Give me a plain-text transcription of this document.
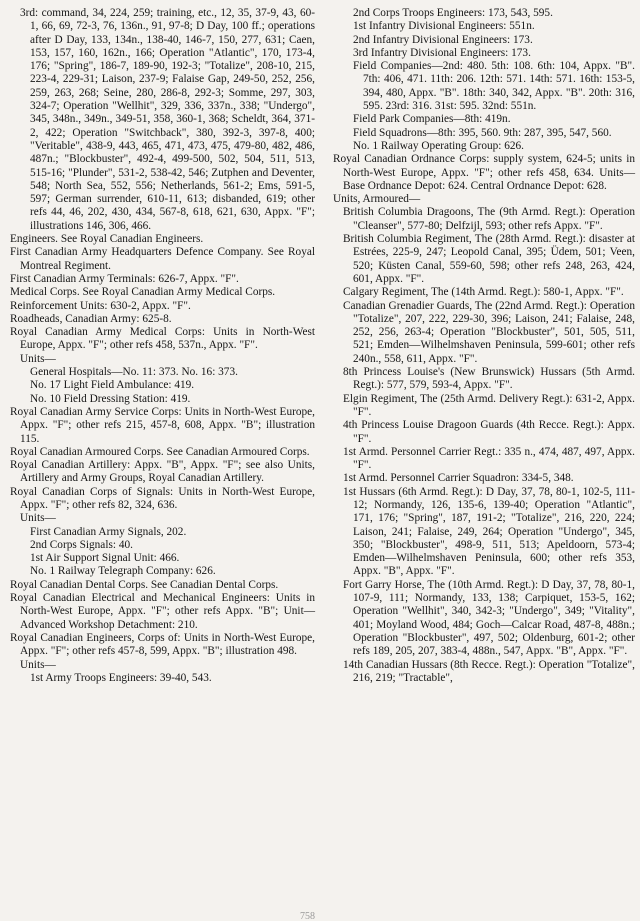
3rd: command, 34, 224, 259; training, etc., 12, 35, 37-9, 43, 60-1, 66, 69, 72-3, 76, 136n., 91, 97-8; D Day, 100 ff.; operations after D Day, 133, 134n., 138-40, 146-7, 150, 277, 631; Caen, 153, 157, 160, 162n., 166; Operation "Atlantic", 170, 173-4, 176; "Spring", 186-7, 189-90, 192-3; "Totalize", 208-10, 215, 223-4, 229-31; Laison, 237-9; Falaise Gap, 249-50, 252, 256, 259, 263, 268; Seine, 280, 286-8, 292-3; Somme, 297, 303, 324-7; Operation "Wellhit", 329, 336, 337n., 338; "Undergo", 345, 348n., 349n., 349-51, 358, 360-1, 368; Scheldt, 364, 371-2, 422; Operation "Switchback", 380, 392-3, 397-8, 400; "Veritable", 438-9, 443, 465, 471, 473, 475, 479-80, 482, 486, 487n.; "Blockbuster", 492-4, 499-500, 502, 504, 511, 513, 515-16; "Plunder", 531-2, 538-42, 546; Zutphen and Deventer, 548; North Sea, 552, 556; Netherlands, 561-2; Ems, 591-5, 597; German surrender, 610-11, 613; disbanded, 619; other refs 44, 46, 202, 430, 434, 567-8, 618, 621, 630, Appx. "F"; illustrations 146, 306, 466.

Engineers. See Royal Canadian Engineers.

First Canadian Army Headquarters Defence Company. See Royal Montreal Regiment.

First Canadian Army Terminals: 626-7, Appx. "F".

Medical Corps. See Royal Canadian Army Medical Corps.

Reinforcement Units: 630-2, Appx. "F".

Roadheads, Canadian Army: 625-8.

Royal Canadian Army Medical Corps: Units in North-West Europe, Appx. "F"; other refs 458, 537n., Appx. "F".

Units—

General Hospitals—No. 11: 373. No. 16: 373.

No. 17 Light Field Ambulance: 419.

No. 10 Field Dressing Station: 419.

Royal Canadian Army Service Corps: Units in North-West Europe, Appx. "F"; other refs 215, 457-8, 608, Appx. "B"; illustration 115.

Royal Canadian Armoured Corps. See Canadian Armoured Corps.

Royal Canadian Artillery: Appx. "B", Appx. "F"; see also Units, Artillery and Army Groups, Royal Canadian Artillery.

Royal Canadian Corps of Signals: Units in North-West Europe, Appx. "F"; other refs 82, 324, 636.

Units—

First Canadian Army Signals, 202.

2nd Corps Signals: 40.

1st Air Support Signal Unit: 466.

No. 1 Railway Telegraph Company: 626.

Royal Canadian Dental Corps. See Canadian Dental Corps.

Royal Canadian Electrical and Mechanical Engineers: Units in North-West Europe, Appx. "F"; other refs Appx. "B"; Unit—Advanced Workshop Detachment: 210.

Royal Canadian Engineers, Corps of: Units in North-West Europe, Appx. "F"; other refs 457-8, 599, Appx. "B"; illustration 498.

Units—

1st Army Troops Engineers: 39-40, 543.

2nd Corps Troops Engineers: 173, 543, 595.

1st Infantry Divisional Engineers: 551n.

2nd Infantry Divisional Engineers: 173.

3rd Infantry Divisional Engineers: 173.

Field Companies—2nd: 480. 5th: 108. 6th: 104, Appx. "B". 7th: 406, 471. 11th: 206. 12th: 571. 14th: 571. 16th: 153-5, 394, 480, Appx. "B". 18th: 340, 342, Appx. "B". 20th: 316, 595. 23rd: 316. 31st: 595. 32nd: 551n.

Field Park Companies—8th: 419n.

Field Squadrons—8th: 395, 560. 9th: 287, 395, 547, 560.

No. 1 Railway Operating Group: 626.

Royal Canadian Ordnance Corps: supply system, 624-5; units in North-West Europe, Appx. "F"; other refs 458, 634. Units—Base Ordnance Depot: 624. Central Ordnance Depot: 628.

Units, Armoured—

British Columbia Dragoons, The (9th Armd. Regt.): Operation "Cleanser", 577-80; Delfzijl, 593; other refs Appx. "F".

British Columbia Regiment, The (28th Armd. Regt.): disaster at Estrées, 225-9, 247; Leopold Canal, 395; Üdem, 501; Veen, 520; Küsten Canal, 559-60, 598; other refs 248, 263, 424, 601, Appx. "F".

Calgary Regiment, The (14th Armd. Regt.): 580-1, Appx. "F".

Canadian Grenadier Guards, The (22nd Armd. Regt.): Operation "Totalize", 207, 222, 229-30, 396; Laison, 241; Falaise, 248, 252, 256, 263-4; Operation "Blockbuster", 501, 505, 511, 521; Emden—Wilhelmshaven Peninsula, 599-601; other refs 240n., 558, 611, Appx. "F".

8th Princess Louise's (New Brunswick) Hussars (5th Armd. Regt.): 577, 579, 593-4, Appx. "F".

Elgin Regiment, The (25th Armd. Delivery Regt.): 631-2, Appx. "F".

4th Princess Louise Dragoon Guards (4th Recce. Regt.): Appx. "F".

1st Armd. Personnel Carrier Regt.: 335 n., 474, 487, 497, Appx. "F".

1st Armd. Personnel Carrier Squadron: 334-5, 348.

1st Hussars (6th Armd. Regt.): D Day, 37, 78, 80-1, 102-5, 111-12; Normandy, 126, 135-6, 139-40; Operation "Atlantic", 171, 176; "Spring", 187, 191-2; "Totalize", 216, 220, 224; Laison, 241; Falaise, 249, 264; Operation "Undergo", 345, 350; "Blockbuster", 498-9, 511, 513; Apeldoorn, 573-4; Emden—Wilhelmshaven Peninsula, 600; other refs 353, Appx. "B", Appx. "F".

Fort Garry Horse, The (10th Armd. Regt.): D Day, 37, 78, 80-1, 107-9, 111; Normandy, 133, 138; Carpiquet, 153-5, 162; Operation "Wellhit", 340, 342-3; "Undergo", 349; "Vitality", 401; Moyland Wood, 484; Goch—Calcar Road, 487-8, 488n.; Operation "Blockbuster", 497, 502; Oldenburg, 601-2; other refs 189, 205, 207, 383-4, 488n., 547, Appx. "B", Appx. "F".

14th Canadian Hussars (8th Recce. Regt.): Operation "Totalize", 216, 219; "Tractable",

758
